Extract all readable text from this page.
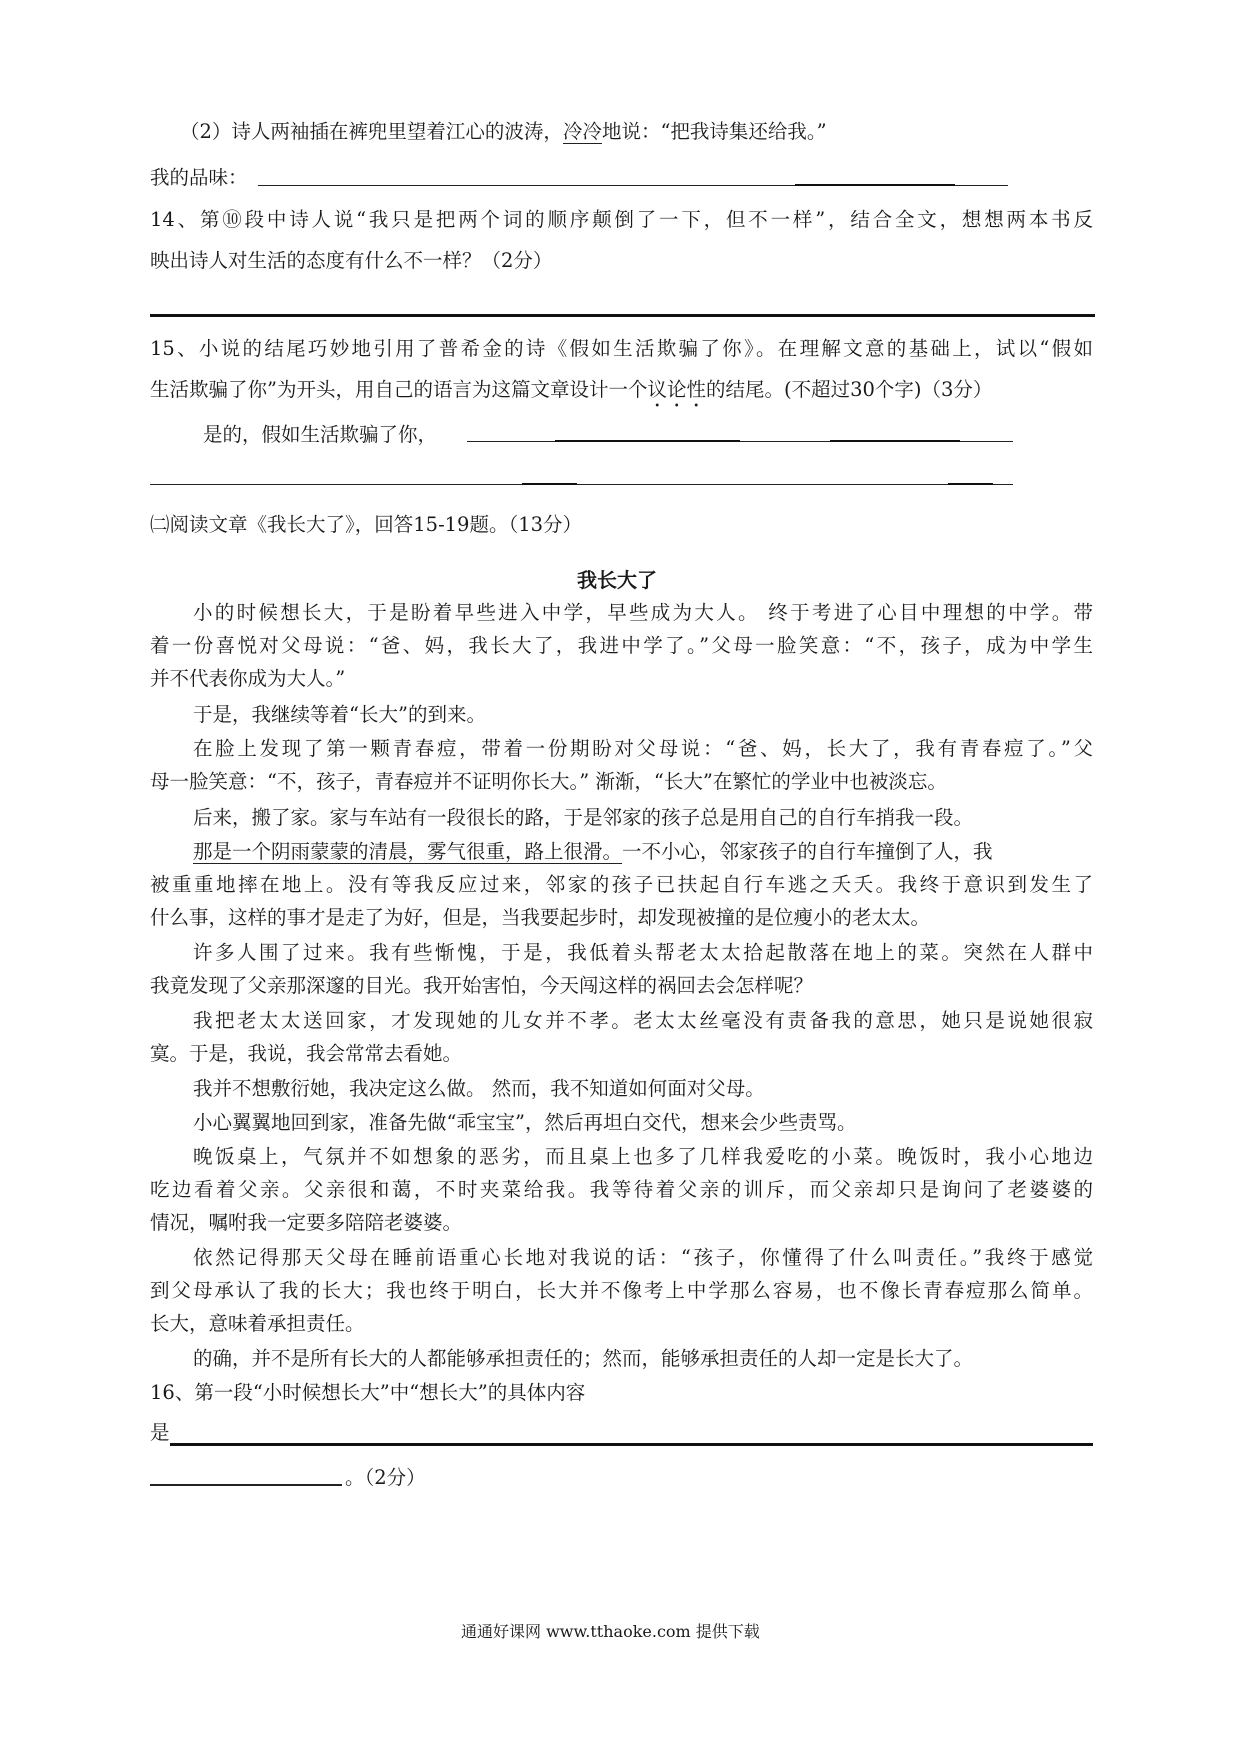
（2）诗人两袖插在裤兜里望着江心的波涛，冷冷地说：“把我诗集还给我。”
我的品味：
14、第⑩段中诗人说“我只是把两个词的顺序颠倒了一下，但不一样”，结合全文，想想两本书反
映出诗人对生活的态度有什么不一样？（2分）
15、小说的结尾巧妙地引用了普希金的诗《假如生活欺骗了你》。在理解文意的基础上，试以“假如
生活欺骗了你”为开头，用自己的语言为这篇文章设计一个议论性的结尾。(不超过30个字)（3分）
是的，假如生活欺骗了你，
㈡阅读文章《我长大了》，回答15-19题。（13分）
我长大了
小的时候想长大，于是盼着早些进入中学，早些成为大人。 终于考进了心目中理想的中学。带
着一份喜悦对父母说：“爸、妈，我长大了，我进中学了。”父母一脸笑意：“不，孩子，成为中学生
并不代表你成为大人。”
于是，我继续等着“长大”的到来。
在脸上发现了第一颗青春痘，带着一份期盼对父母说：“爸、妈，长大了，我有青春痘了。”父
母一脸笑意：“不，孩子，青春痘并不证明你长大。” 渐渐，“长大”在繁忙的学业中也被淡忘。
后来，搬了家。家与车站有一段很长的路，于是邻家的孩子总是用自己的自行车捎我一段。
那是一个阴雨蒙蒙的清晨，雾气很重，路上很滑。一不小心，邻家孩子的自行车撞倒了人，我
被重重地摔在地上。没有等我反应过来，邻家的孩子已扶起自行车逃之夭夭。我终于意识到发生了
什么事，这样的事才是走了为好，但是，当我要起步时，却发现被撞的是位瘦小的老太太。
许多人围了过来。我有些惭愧，于是，我低着头帮老太太拾起散落在地上的菜。突然在人群中
我竟发现了父亲那深邃的目光。我开始害怕，今天闯这样的祸回去会怎样呢？
我把老太太送回家，才发现她的儿女并不孝。老太太丝毫没有责备我的意思，她只是说她很寂
寞。于是，我说，我会常常去看她。
我并不想敷衍她，我决定这么做。 然而，我不知道如何面对父母。
小心翼翼地回到家，准备先做“乖宝宝”，然后再坦白交代，想来会少些责骂。
晚饭桌上，气氛并不如想象的恶劣，而且桌上也多了几样我爱吃的小菜。晚饭时，我小心地边
吃边看着父亲。父亲很和蔼，不时夹菜给我。我等待着父亲的训斥，而父亲却只是询问了老婆婆的
情况，嘱咐我一定要多陪陪老婆婆。
依然记得那天父母在睡前语重心长地对我说的话：“孩子，你懂得了什么叫责任。”我终于感觉
到父母承认了我的长大；我也终于明白，长大并不像考上中学那么容易，也不像长青春痘那么简单。
长大，意味着承担责任。
的确，并不是所有长大的人都能够承担责任的；然而，能够承担责任的人却一定是长大了。
16、第一段“小时候想长大”中“想长大”的具体内容
是
。（2分）
通通好课网 www.tthaoke.com 提供下载
